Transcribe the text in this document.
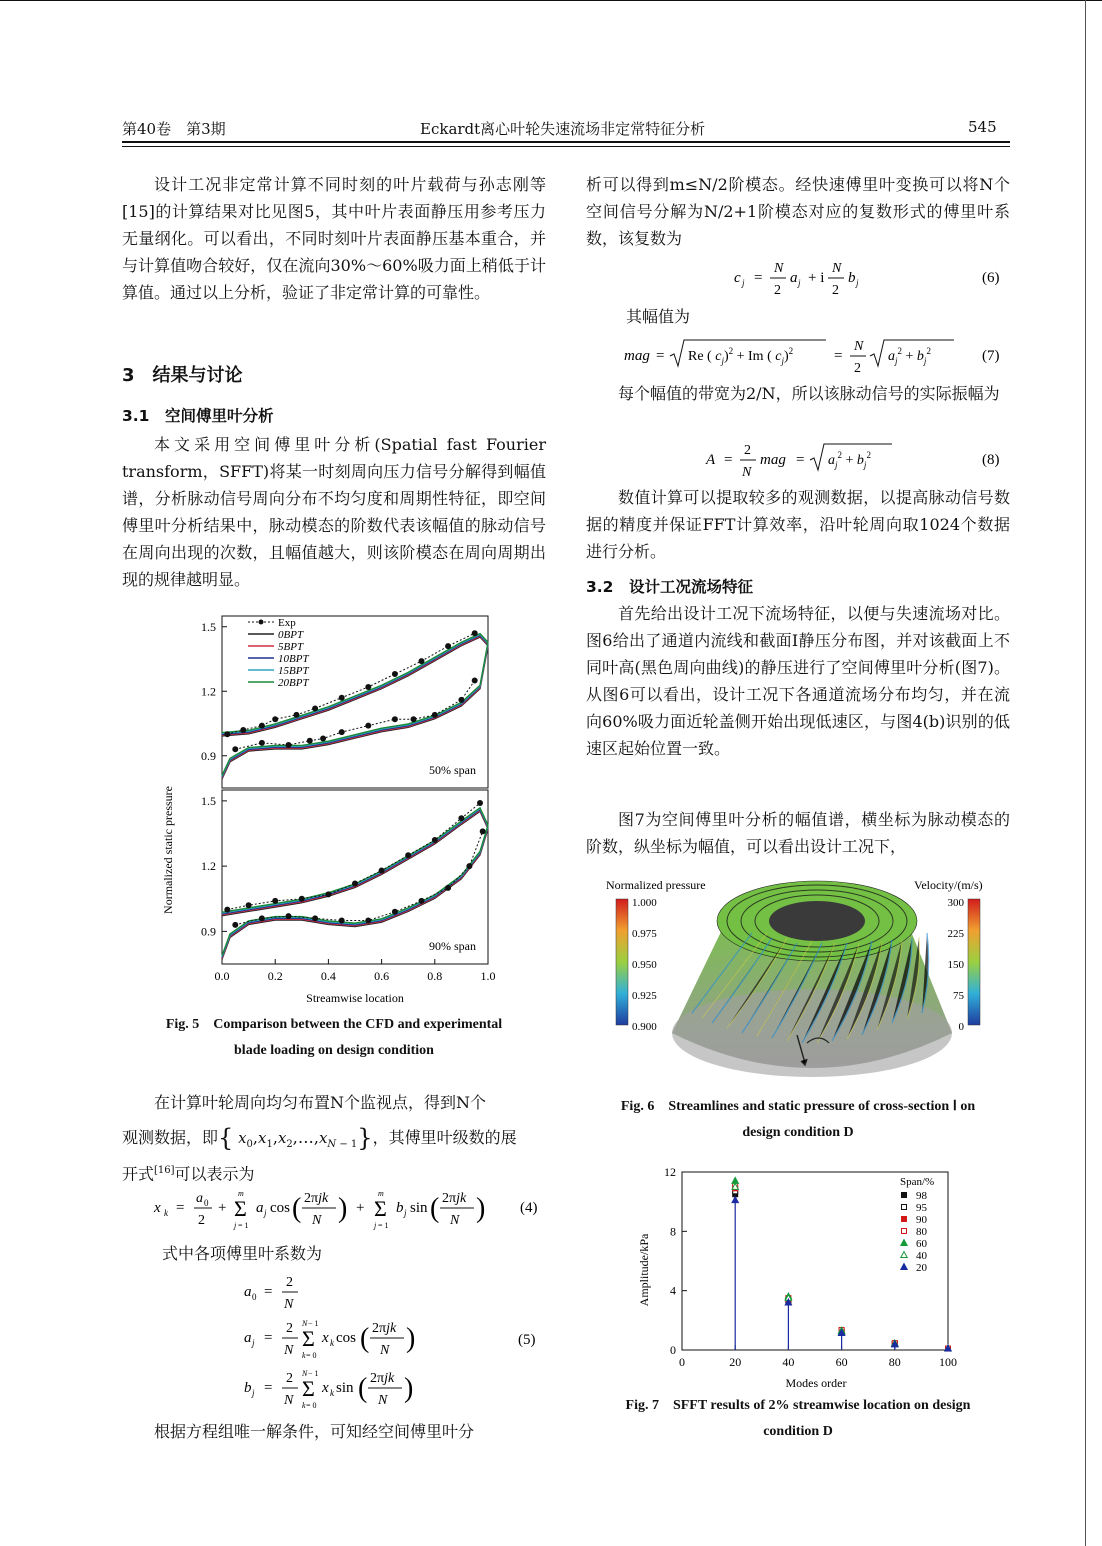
第40卷　第3期	Eckardt离心叶轮失速流场非定常特征分析	545

设计工况非定常计算不同时刻的叶片载荷与孙志刚等[15]的计算结果对比见图5，其中叶片表面静压用参考压力无量纲化。可以看出，不同时刻叶片表面静压基本重合，并与计算值吻合较好，仅在流向30%～60%吸力面上稍低于计算值。通过以上分析，验证了非定常计算的可靠性。

3　结果与讨论
3.1　空间傅里叶分析

本文采用空间傅里叶分析(Spatial fast Fourier transform，SFFT)将某一时刻周向压力信号分解得到幅值谱，分析脉动信号周向分布不均匀度和周期性特征，即空间傅里叶分析结果中，脉动模态的阶数代表该幅值的脉动信号在周向出现的次数，且幅值越大，则该阶模态在周向周期出现的规律越明显。

0.9
1.2
1.5
50% span
0.9
1.2
1.5
90% span
0.0	0.2	0.4	0.6	0.8	1.0
Exp
0BPT
5BPT
10BPT
15BPT
20BPT
Normalized static pressure
Streamwise location
Fig. 5　Comparison between the CFD and experimental
blade loading on design condition

在计算叶轮周向均匀布置N个监视点，得到N个

观测数据，即{ $x_0,x_1,x_2,\dots,x_{N - 1}$}，其傅里叶级数的展
开式[16]可以表示为
x k =
a 0
2
+ Σ
m
j = 1
a j cos ( 2πjk
N ) + Σ
m
j = 1
b j sin ( 2πjk
N ) (4)

式中各项傅里叶系数为

a 0 =
2
N
a j =
2
N Σ
N − 1
k = 0
x k cos ( 2πjk
N )	(5)
b j =
2
N Σ
N − 1
k = 0
x k sin ( 2πjk
N )

根据方程组唯一解条件，可知经空间傅里叶分

析可以得到m≤N/2阶模态。经快速傅里叶变换可以将N个空间信号分解为N/2+1阶模态对应的复数形式的傅里叶系数，该复数为

c j =
N
2
a j + i
N
2
b j	(6)

其幅值为

mag = Re ( $c_j)^2 + Im$ ( $c_j)^2$	=
N
2
$a_j^2 + b_j^2$	(7)

每个幅值的带宽为2/N，所以该脉动信号的实际振幅为

A =
2
N
mag = $a_j^2 + b_j^2$	(8)

数值计算可以提取较多的观测数据，以提高脉动信号数据的精度并保证FFT计算效率，沿叶轮周向取1024个数据进行分析。

3.2　设计工况流场特征

首先给出设计工况下流场特征，以便与失速流场对比。图6给出了通道内流线和截面Ⅰ静压分布图，并对该截面上不同叶高(黑色周向曲线)的静压进行了空间傅里叶分析(图7)。从图6可以看出，设计工况下各通道流场分布均匀，并在流向60%吸力面近轮盖侧开始出现低速区，与图4(b)识别的低速区起始位置一致。

图7为空间傅里叶分析的幅值谱，横坐标为脉动模态的阶数，纵坐标为幅值，可以看出设计工况下，

Normalized pressure
1.000
0.975
0.950
0.925
0.900
Velocity/(m/s)
300
225
150
75
0
Fig. 6　Streamlines and static pressure of cross-section Ⅰ on
design condition D
0
4
8
12
0	20	40	60	80	100
Span/%
98
95
90
80
60
40
20
Amplitude/kPa
Modes order
Fig. 7　SFFT results of 2% streamwise location on design
condition D
